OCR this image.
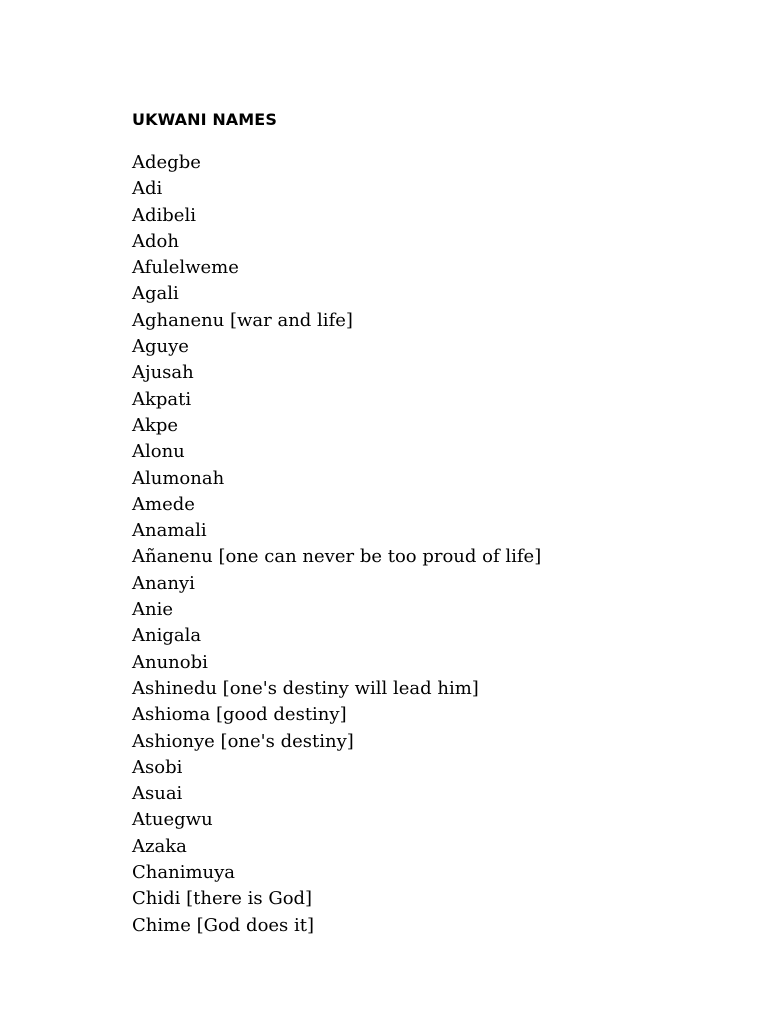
UKWANI NAMES
Adegbe
Adi
Adibeli
Adoh
Afulelweme
Agali
Aghanenu [war and life]
Aguye
Ajusah
Akpati
Akpe
Alonu
Alumonah
Amede
Anamali
Añanenu [one can never be too proud of life]
Ananyi
Anie
Anigala
Anunobi
Ashinedu [one's destiny will lead him]
Ashioma [good destiny]
Ashionye [one's destiny]
Asobi
Asuai
Atuegwu
Azaka
Chanimuya
Chidi [there is God]
Chime [God does it]
